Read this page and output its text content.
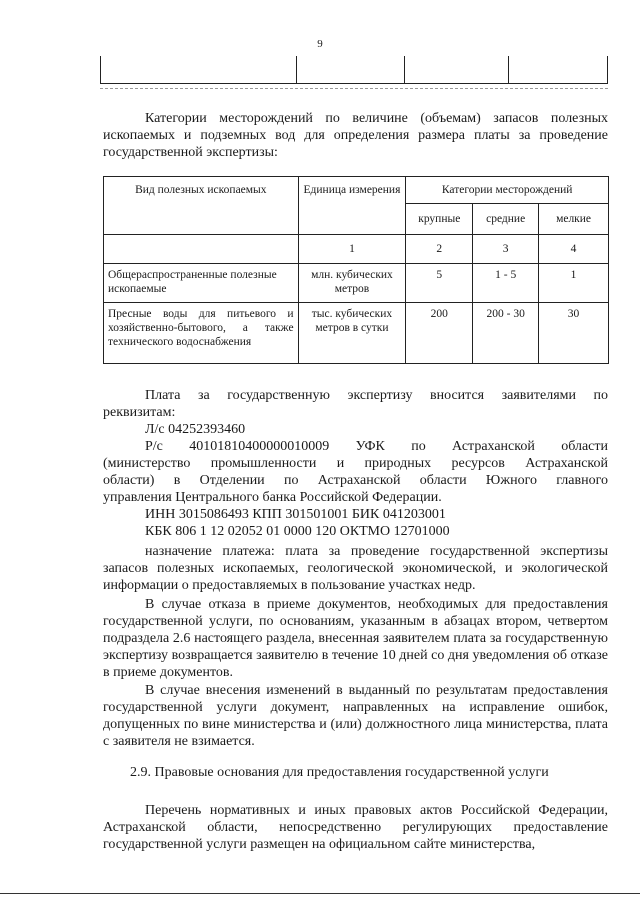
9

Категории месторождений по величине (объемам) запасов полезных ископаемых и подземных вод для определения размера платы за проведение государственной экспертизы:

Вид полезных ископаемых	Единица измерения	Категории месторождений		
		крупные	средние	мелкие
	1	2	3	4
Общераспространенные полезные ископаемые	млн. кубических метров	5	1 - 5	1
Пресные воды для питьевого и хозяйственно-бытового, а также технического водоснабжения	тыс. кубических метров в сутки	200	200 - 30	30

Плата за государственную экспертизу вносится заявителями по

реквизитам:

Л/с 04252393460

Р/с 40101810400000010009 УФК по Астраханской области

(министерство промышленности и природных ресурсов Астраханской

области) в Отделении по Астраханской области Южного главного

управления Центрального банка Российской Федерации.

ИНН 3015086493 КПП 301501001 БИК 041203001

КБК 806 1 12 02052 01 0000 120 ОКТМО 12701000

назначение платежа: плата за проведение государственной экспертизы запасов полезных ископаемых, геологической экономической, и экологической информации о предоставляемых в пользование участках недр.

В случае отказа в приеме документов, необходимых для предоставления государственной услуги, по основаниям, указанным в абзацах втором, четвертом подраздела 2.6 настоящего раздела, внесенная заявителем плата за государственную экспертизу возвращается заявителю в течение 10 дней со дня уведомления об отказе в приеме документов.

В случае внесения изменений в выданный по результатам предоставления государственной услуги документ, направленных на исправление ошибок, допущенных по вине министерства и (или) должностного лица министерства, плата с заявителя не взимается.

2.9. Правовые основания для предоставления государственной услуги

Перечень нормативных и иных правовых актов Российской Федерации, Астраханской области, непосредственно регулирующих предоставление государственной услуги размещен на официальном сайте министерства,
